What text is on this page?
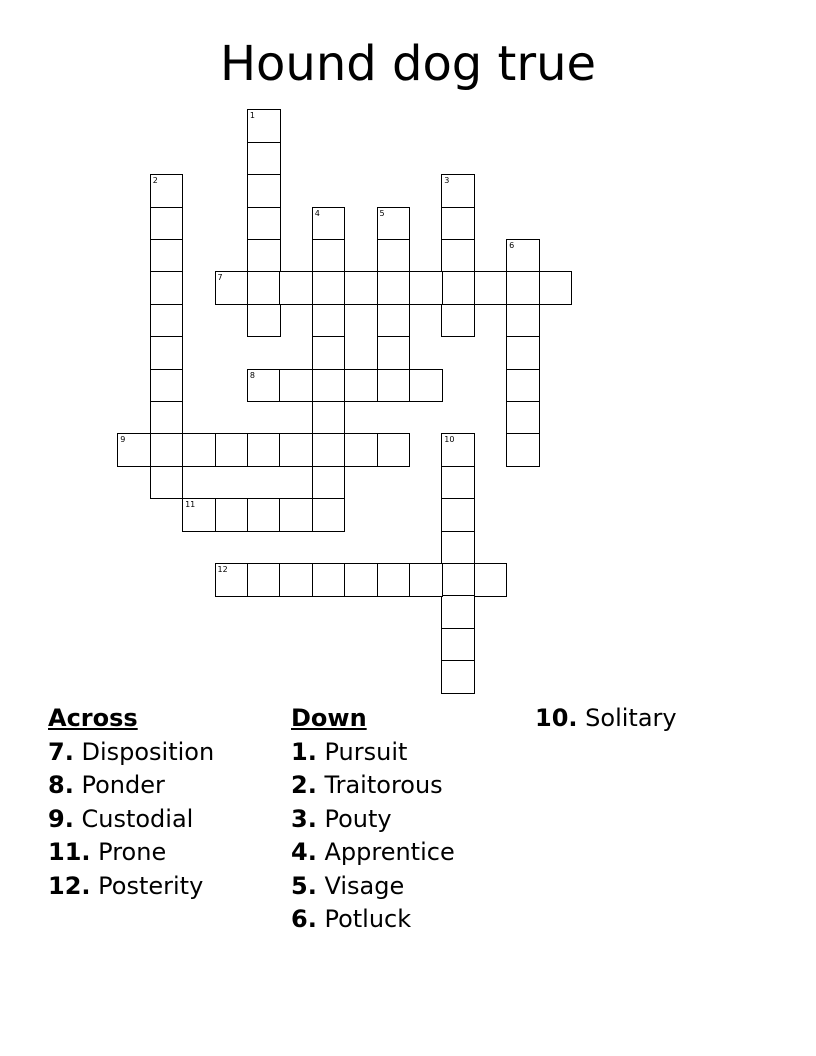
Hound dog true
1
2	3
4	5
6
7
8
9	10
11
12
Across
7. Disposition
8. Ponder
9. Custodial
11. Prone
12. Posterity
Down
1. Pursuit
2. Traitorous
3. Pouty
4. Apprentice
5. Visage
6. Potluck
10. Solitary
